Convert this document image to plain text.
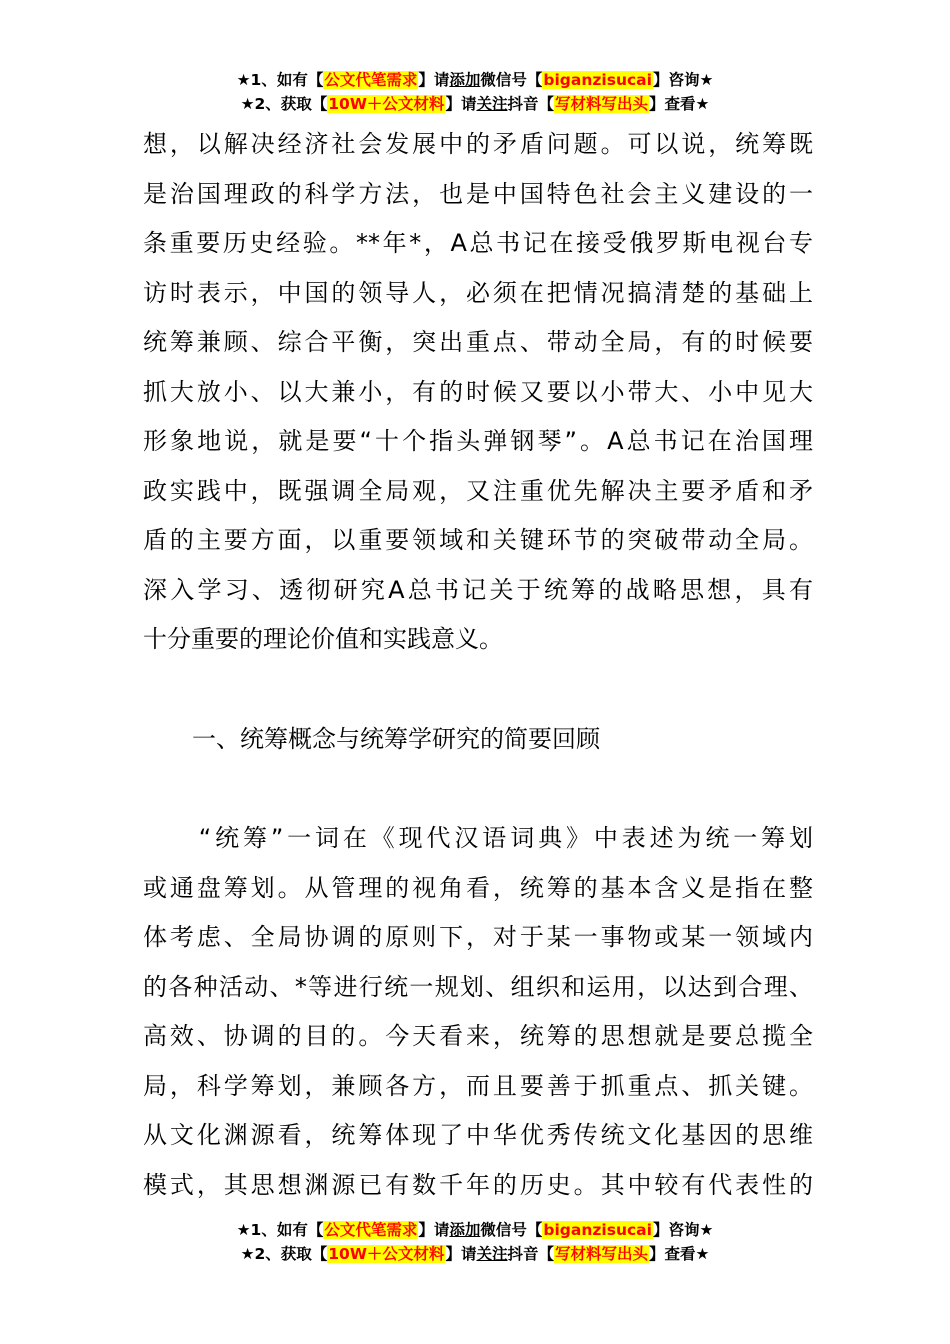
★1、如有【公文代笔需求】请添加微信号【biganzisucai】咨询★
★2、获取【10W＋公文材料】请关注抖音【写材料写出头】查看★
想，以解决经济社会发展中的矛盾问题。可以说，统筹既
是治国理政的科学方法，也是中国特色社会主义建设的一
条重要历史经验。**年*，A总书记在接受俄罗斯电视台专
访时表示，中国的领导人，必须在把情况搞清楚的基础上
统筹兼顾、综合平衡，突出重点、带动全局，有的时候要
抓大放小、以大兼小，有的时候又要以小带大、小中见大
形象地说，就是要“十个指头弹钢琴”。A总书记在治国理
政实践中，既强调全局观，又注重优先解决主要矛盾和矛
盾的主要方面，以重要领域和关键环节的突破带动全局。
深入学习、透彻研究A总书记关于统筹的战略思想，具有
十分重要的理论价值和实践意义。
一、统筹概念与统筹学研究的简要回顾
　　“统筹”一词在《现代汉语词典》中表述为统一筹划
或通盘筹划。从管理的视角看，统筹的基本含义是指在整
体考虑、全局协调的原则下，对于某一事物或某一领域内
的各种活动、*等进行统一规划、组织和运用，以达到合理、
高效、协调的目的。今天看来，统筹的思想就是要总揽全
局，科学筹划，兼顾各方，而且要善于抓重点、抓关键。
从文化渊源看，统筹体现了中华优秀传统文化基因的思维
模式，其思想渊源已有数千年的历史。其中较有代表性的
★1、如有【公文代笔需求】请添加微信号【biganzisucai】咨询★
★2、获取【10W＋公文材料】请关注抖音【写材料写出头】查看★
